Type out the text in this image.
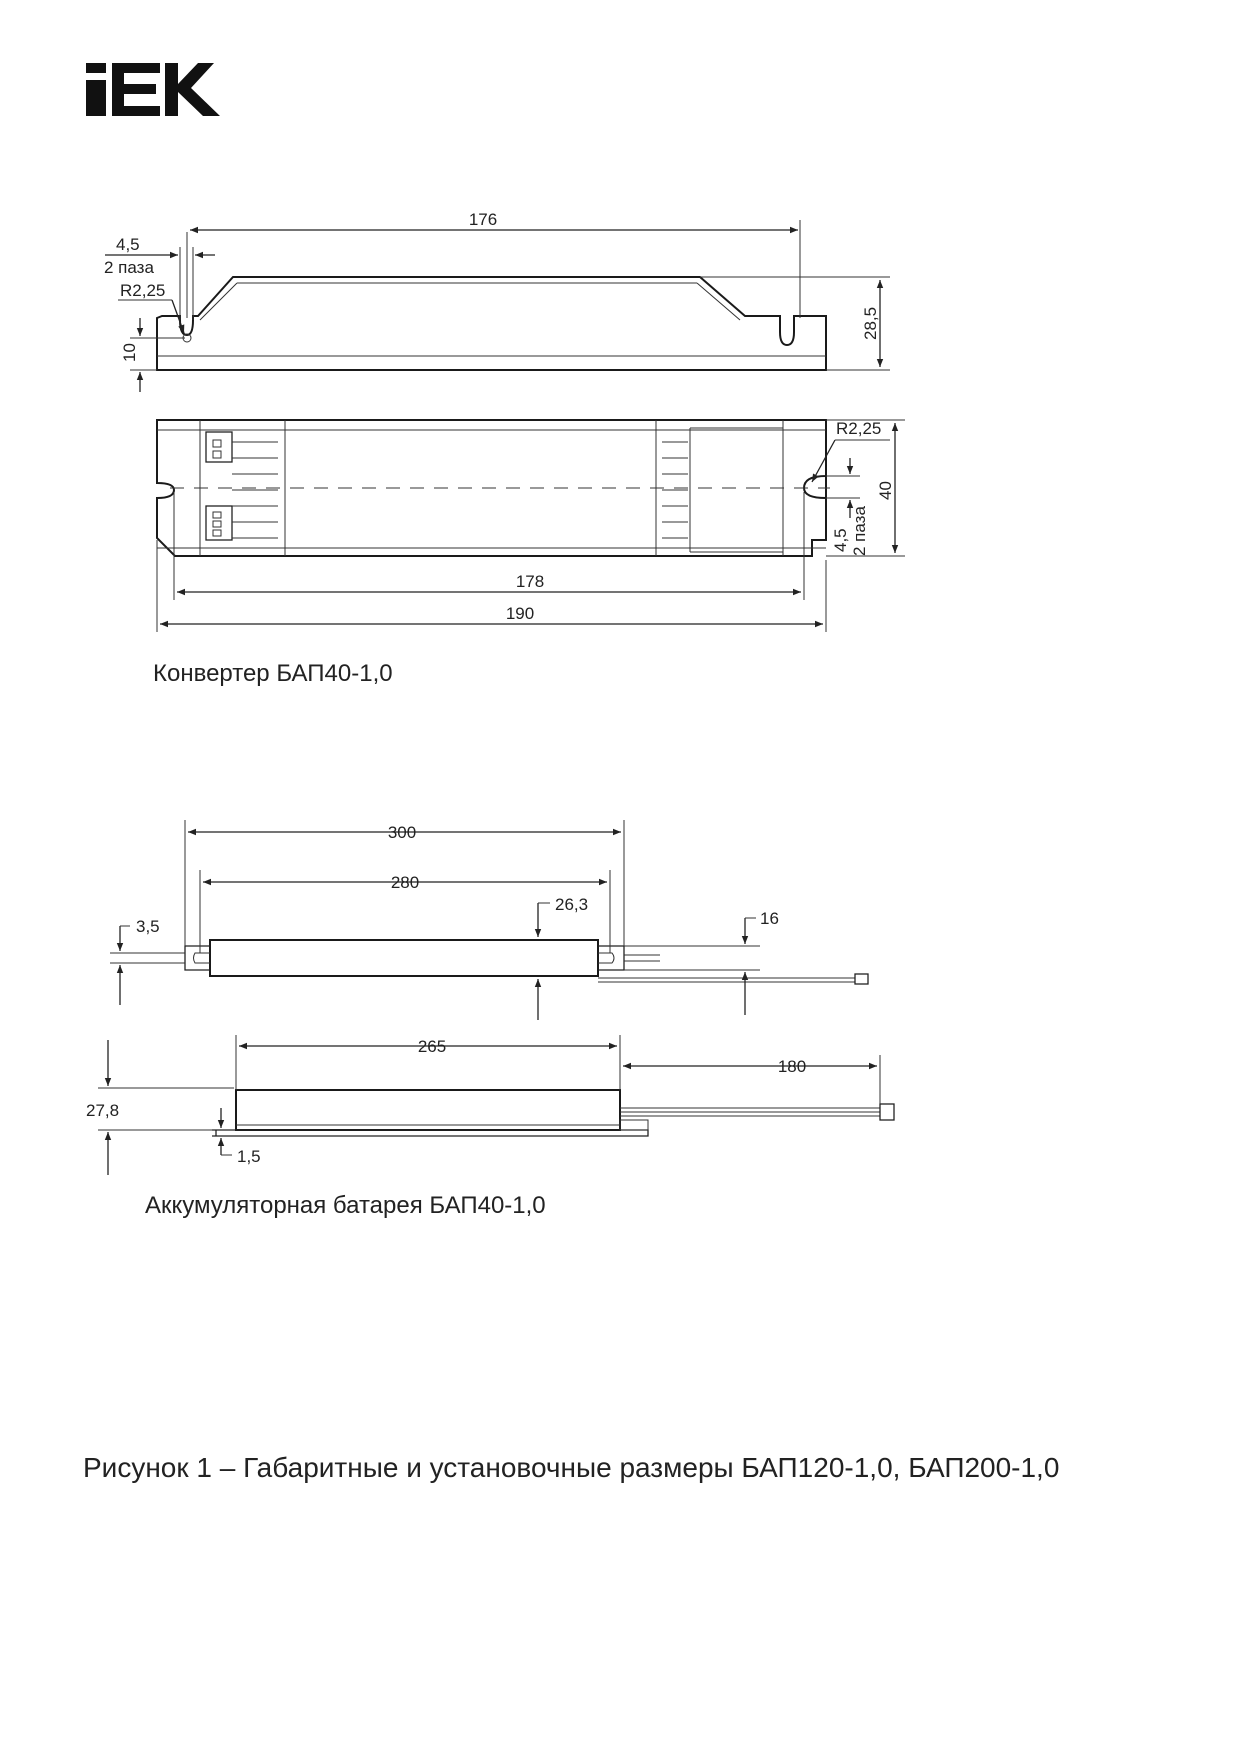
176
4,5
2 паза
R2,25
10
28,5
40
R2,25
4,5 2 паза
178
190
Конвертер БАП40-1,0
300
280
26,3
3,5	16
265
180
27,8
1,5
Аккумуляторная батарея БАП40-1,0
Рисунок 1 – Габаритные и установочные размеры БАП120-1,0, БАП200-1,0
